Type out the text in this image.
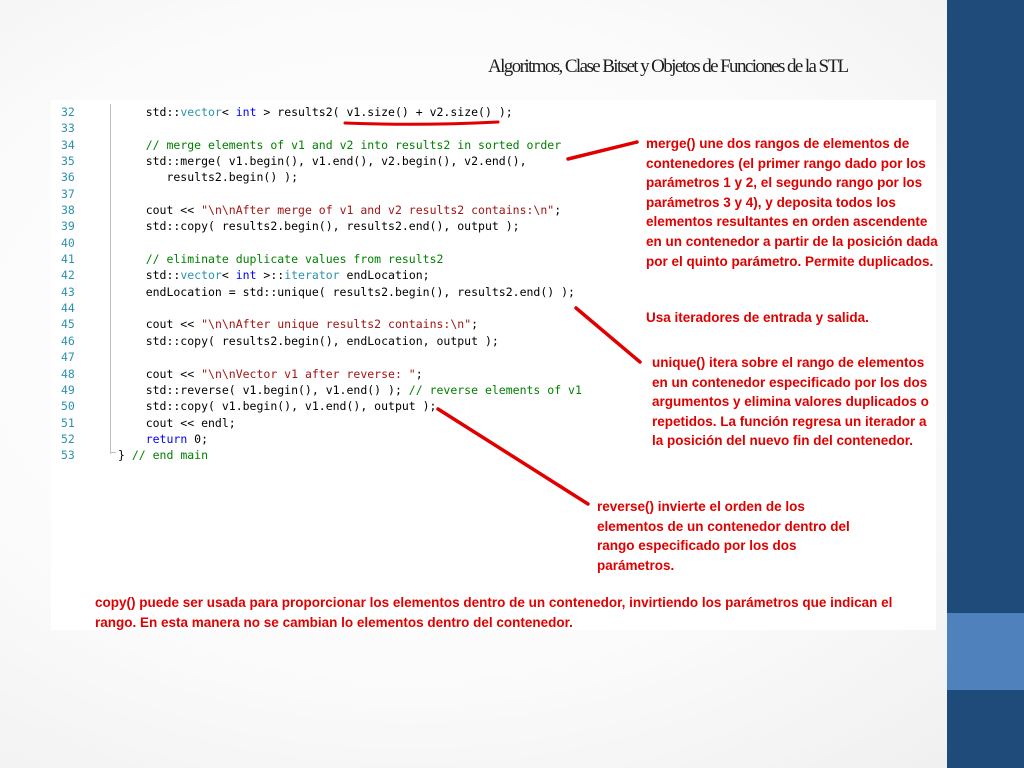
Algoritmos, Clase Bitset y Objetos de Funciones de la STL
32
33
34
35
36
37
38
39
40
41
42
43
44
45
46
47
48
49
50
51
52
53
std::vector< int > results2( v1.size() + v2.size() );
// merge elements of v1 and v2 into results2 in sorted order
std::merge( v1.begin(), v1.end(), v2.begin(), v2.end(),
results2.begin() );
cout << "\n\nAfter merge of v1 and v2 results2 contains:\n";
std::copy( results2.begin(), results2.end(), output );
// eliminate duplicate values from results2
std::vector< int >::iterator endLocation;
endLocation = std::unique( results2.begin(), results2.end() );
cout << "\n\nAfter unique results2 contains:\n";
std::copy( results2.begin(), endLocation, output );
cout << "\n\nVector v1 after reverse: ";
std::reverse( v1.begin(), v1.end() ); // reverse elements of v1
std::copy( v1.begin(), v1.end(), output );
cout << endl;
return 0;
} // end main
merge() une dos rangos de elementos de contenedores (el primer rango dado por los parámetros 1 y 2, el segundo rango por los parámetros 3 y 4), y deposita todos los elementos resultantes en orden ascendente en un contenedor a partir de la posición dada por el quinto parámetro. Permite duplicados.
Usa iteradores de entrada y salida.
unique() itera sobre el rango de elementos en un contenedor especificado por los dos argumentos y elimina valores duplicados o repetidos. La función regresa un iterador a la posición del nuevo fin del contenedor.
reverse() invierte el orden de los elementos de un contenedor dentro del rango especificado por los dos parámetros.
copy() puede ser usada para proporcionar los elementos dentro de un contenedor, invirtiendo los parámetros que indican el rango. En esta manera no se cambian lo elementos dentro del contenedor.
